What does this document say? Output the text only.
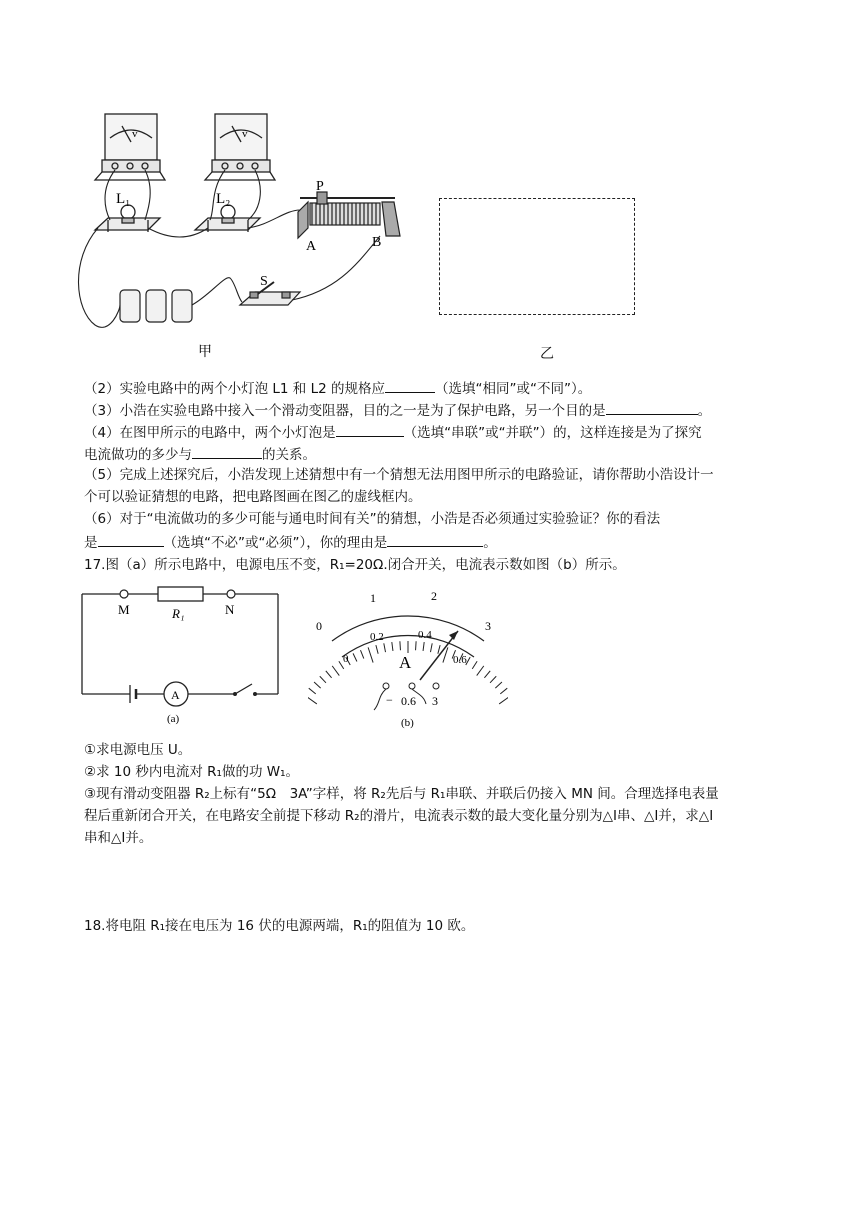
v	v
L₁	L₂
P
A	B
S
甲	乙
（2）实验电路中的两个小灯泡 L1 和 L2 的规格应	（选填“相同”或“不同”）。
（3）小浩在实验电路中接入一个滑动变阻器，目的之一是为了保护电路，另一个目的是	。
（4）在图甲所示的电路中，两个小灯泡是	（选填“串联”或“并联”）的，这样连接是为了探究
电流做功的多少与	的关系。
（5）完成上述探究后，小浩发现上述猜想中有一个猜想无法用图甲所示的电路验证，请你帮助小浩设计一
个可以验证猜想的电路，把电路图画在图乙的虚线框内。
（6）对于“电流做功的多少可能与通电时间有关”的猜想，小浩是否必须通过实验验证？你的看法
是	（选填“不必”或“必须”），你的理由是	。
17.图（a）所示电路中，电源电压不变，R₁=20Ω.闭合开关，电流表示数如图（b）所示。
M	N
R₁
A
(a)
0
1	2
3
0
0.2	0.4
0.6
A
− 0.6 3
(b)
①求电源电压 U。
②求 10 秒内电流对 R₁做的功 W₁。
③现有滑动变阻器 R₂上标有“5Ω　3A”字样，将 R₂先后与 R₁串联、并联后仍接入 MN 间。合理选择电表量
程后重新闭合开关，在电路安全前提下移动 R₂的滑片，电流表示数的最大变化量分别为△I串、△I并，求△I
串和△I并。
18.将电阻 R₁接在电压为 16 伏的电源两端，R₁的阻值为 10 欧。
